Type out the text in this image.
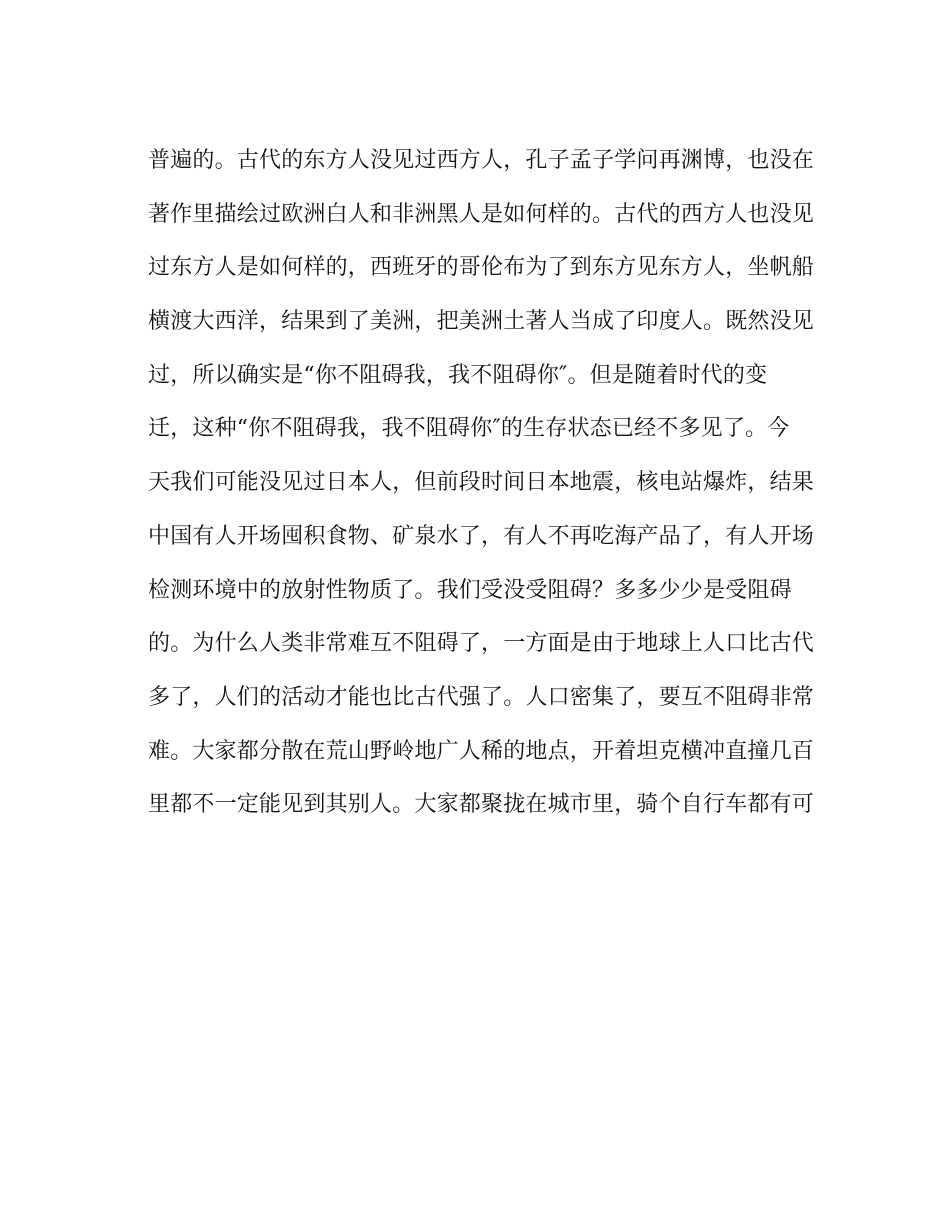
普遍的。古代的东方人没见过西方人，孔子孟子学问再渊博，也没在
著作里描绘过欧洲白人和非洲黑人是如何样的。古代的西方人也没见
过东方人是如何样的，西班牙的哥伦布为了到东方见东方人，坐帆船
横渡大西洋，结果到了美洲，把美洲土著人当成了印度人。既然没见
过，所以确实是“你不阻碍我，我不阻碍你″。但是随着时代的变
迁，这种“你不阻碍我，我不阻碍你″的生存状态已经不多见了。今
天我们可能没见过日本人，但前段时间日本地震，核电站爆炸，结果
中国有人开场囤积食物、矿泉水了，有人不再吃海产品了，有人开场
检测环境中的放射性物质了。我们受没受阻碍？多多少少是受阻碍
的。为什么人类非常难互不阻碍了，一方面是由于地球上人口比古代
多了，人们的活动才能也比古代强了。人口密集了，要互不阻碍非常
难。大家都分散在荒山野岭地广人稀的地点，开着坦克横冲直撞几百
里都不一定能见到其别人。大家都聚拢在城市里，骑个自行车都有可
